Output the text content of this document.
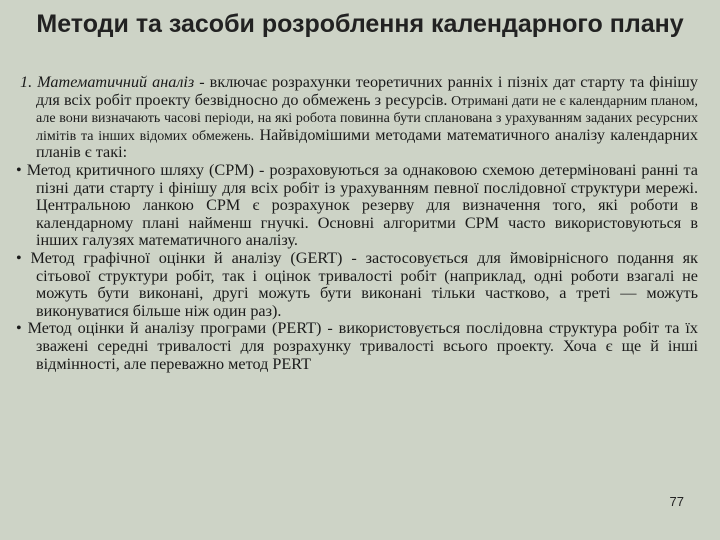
Методи та засоби розроблення календарного плану

1. Математичний аналіз - включає розрахунки теоретичних ранніх і пізніх дат старту та фінішу для всіх робіт проекту безвідносно до обмежень з ресурсів. Отримані дати не є календарним планом, але вони визначають часові періоди, на які робота повинна бути спланована з урахуванням заданих ресурсних лімітів та інших відомих обмежень. Найвідомішими методами математичного аналізу календарних планів є такі:

• Метод критичного шляху (CPM) - розраховуються за однаковою схемою детерміновані ранні та пізні дати старту і фінішу для всіх робіт із урахуванням певної послідовної структури мережі. Центральною ланкою CPM є розрахунок резерву для визначення того, які роботи в календарному плані найменш гнучкі. Основні алгоритми CPM часто використовуються в інших галузях математичного аналізу.

• Метод графічної оцінки й аналізу (GERT) - застосовується для ймовірнісного подання як сітьової структури робіт, так і оцінок тривалості робіт (наприклад, одні роботи взагалі не можуть бути виконані, другі можуть бути виконані тільки частково, а треті — можуть виконуватися більше ніж один раз).

• Метод оцінки й аналізу програми (PERT) - використовується послідовна структура робіт та їх зважені середні тривалості для розрахунку тривалості всього проекту. Хоча є ще й інші відмінності, але переважно метод PERT

77
